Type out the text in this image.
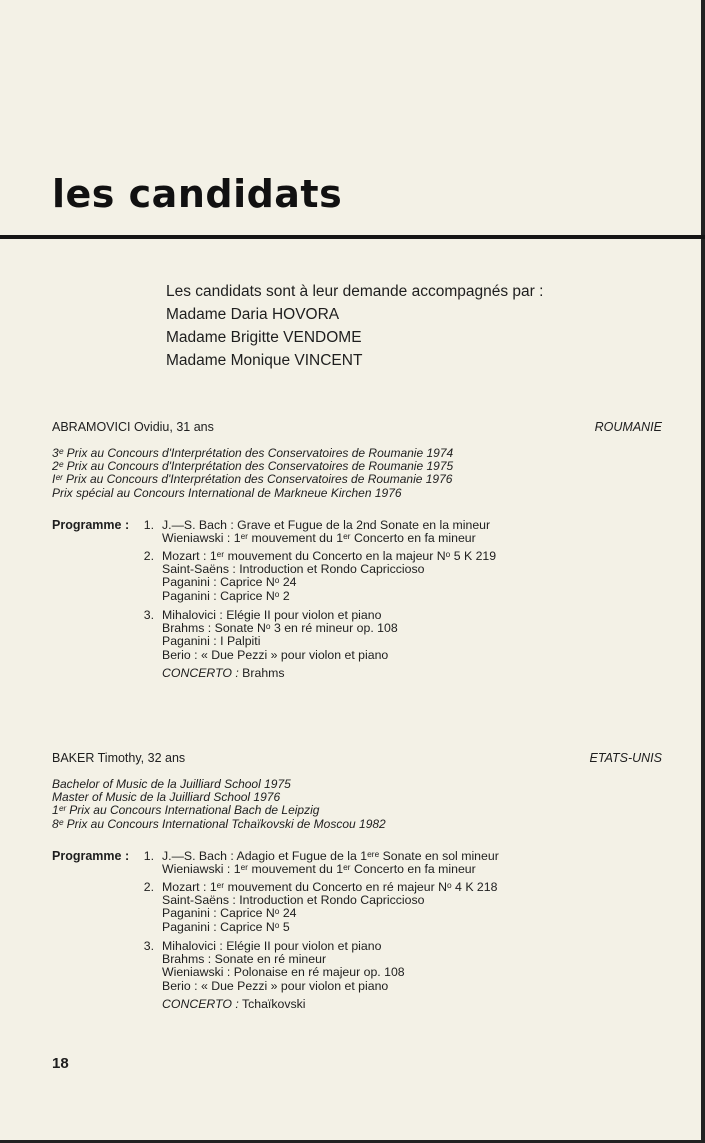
les candidats
Les candidats sont à leur demande accompagnés par :
Madame Daria HOVORA
Madame Brigitte VENDOME
Madame Monique VINCENT
ABRAMOVICI Ovidiu, 31 ans	ROUMANIE
3ᵉ Prix au Concours d'Interprétation des Conservatoires de Roumanie 1974
2ᵉ Prix au Concours d'Interprétation des Conservatoires de Roumanie 1975
Iᵉʳ Prix au Concours d'Interprétation des Conservatoires de Roumanie 1976
Prix spécial au Concours International de Markneue Kirchen 1976
Programme :	1. J.—S. Bach : Grave et Fugue de la 2nd Sonate en la mineur
Wieniawski : 1ᵉʳ mouvement du 1ᵉʳ Concerto en fa mineur
2. Mozart : 1ᵉʳ mouvement du Concerto en la majeur Nᵒ 5 K 219
Saint-Saëns : Introduction et Rondo Capriccioso
Paganini : Caprice Nᵒ 24
Paganini : Caprice Nᵒ 2
3. Mihalovici : Elégie II pour violon et piano
Brahms : Sonate Nᵒ 3 en ré mineur op. 108
Paganini : I Palpiti
Berio : « Due Pezzi » pour violon et piano
CONCERTO : Brahms
BAKER Timothy, 32 ans	ETATS-UNIS
Bachelor of Music de la Juilliard School 1975
Master of Music de la Juilliard School 1976
1ᵉʳ Prix au Concours International Bach de Leipzig
8ᵉ Prix au Concours International Tchaïkovski de Moscou 1982
Programme :	1. J.—S. Bach : Adagio et Fugue de la 1ᵉʳᵉ Sonate en sol mineur
Wieniawski : 1ᵉʳ mouvement du 1ᵉʳ Concerto en fa mineur
2. Mozart : 1ᵉʳ mouvement du Concerto en ré majeur Nᵒ 4 K 218
Saint-Saëns : Introduction et Rondo Capriccioso
Paganini : Caprice Nᵒ 24
Paganini : Caprice Nᵒ 5
3. Mihalovici : Elégie II pour violon et piano
Brahms : Sonate en ré mineur
Wieniawski : Polonaise en ré majeur op. 108
Berio : « Due Pezzi » pour violon et piano
CONCERTO : Tchaïkovski
18
